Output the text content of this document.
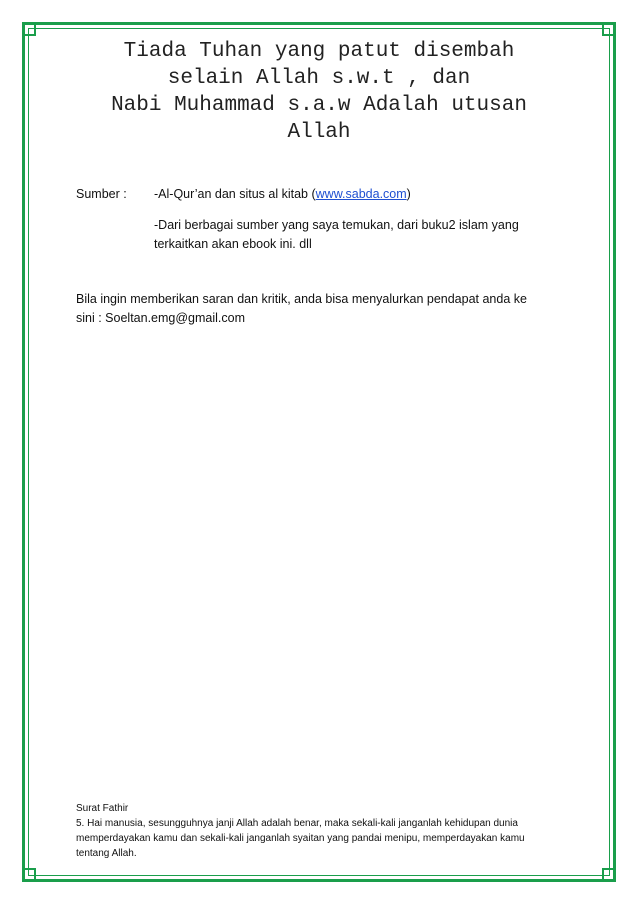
Tiada Tuhan yang patut disembah
selain Allah s.w.t , dan
Nabi Muhammad s.a.w Adalah utusan
Allah
Sumber : -Al-Qur’an dan situs al kitab (www.sabda.com)
-Dari berbagai sumber yang saya temukan, dari buku2 islam yang
terkaitkan akan ebook ini. dll
Bila ingin memberikan saran dan kritik, anda bisa menyalurkan pendapat anda ke
sini : Soeltan.emg@gmail.com
Surat Fathir
5. Hai manusia, sesungguhnya janji Allah adalah benar, maka sekali-kali janganlah kehidupan dunia
memperdayakan kamu dan sekali-kali janganlah syaitan yang pandai menipu, memperdayakan kamu
tentang Allah.
